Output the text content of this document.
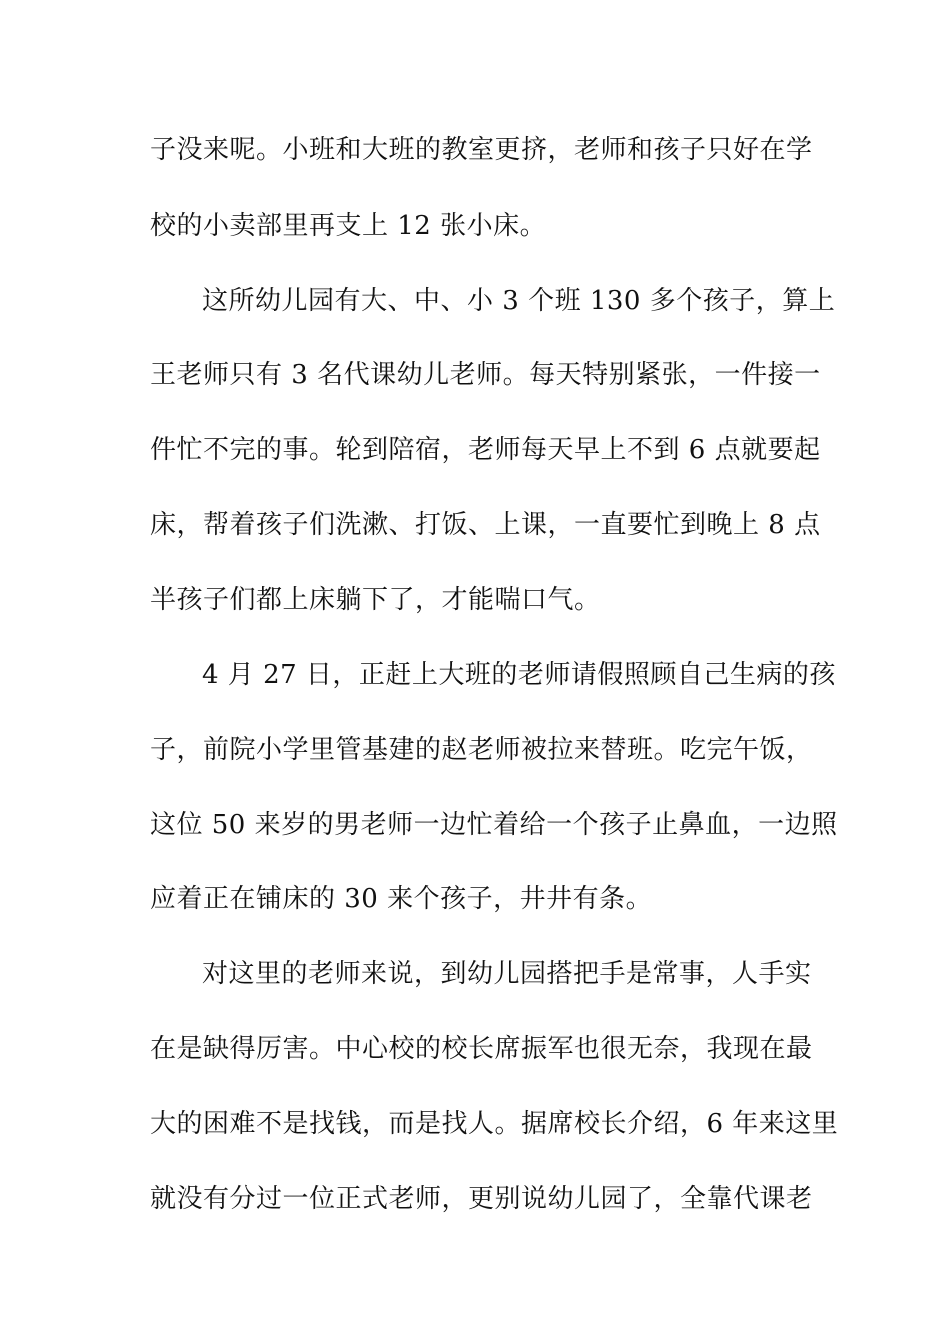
子没来呢。小班和大班的教室更挤，老师和孩子只好在学
校的小卖部里再支上 12 张小床。
这所幼儿园有大、中、小 3 个班 130 多个孩子，算上
王老师只有 3 名代课幼儿老师。每天特别紧张，一件接一
件忙不完的事。轮到陪宿，老师每天早上不到 6 点就要起
床，帮着孩子们洗漱、打饭、上课，一直要忙到晚上 8 点
半孩子们都上床躺下了，才能喘口气。
4 月 27 日，正赶上大班的老师请假照顾自己生病的孩
子，前院小学里管基建的赵老师被拉来替班。吃完午饭，
这位 50 来岁的男老师一边忙着给一个孩子止鼻血，一边照
应着正在铺床的 30 来个孩子，井井有条。
对这里的老师来说，到幼儿园搭把手是常事，人手实
在是缺得厉害。中心校的校长席振军也很无奈，我现在最
大的困难不是找钱，而是找人。据席校长介绍，6 年来这里
就没有分过一位正式老师，更别说幼儿园了，全靠代课老
